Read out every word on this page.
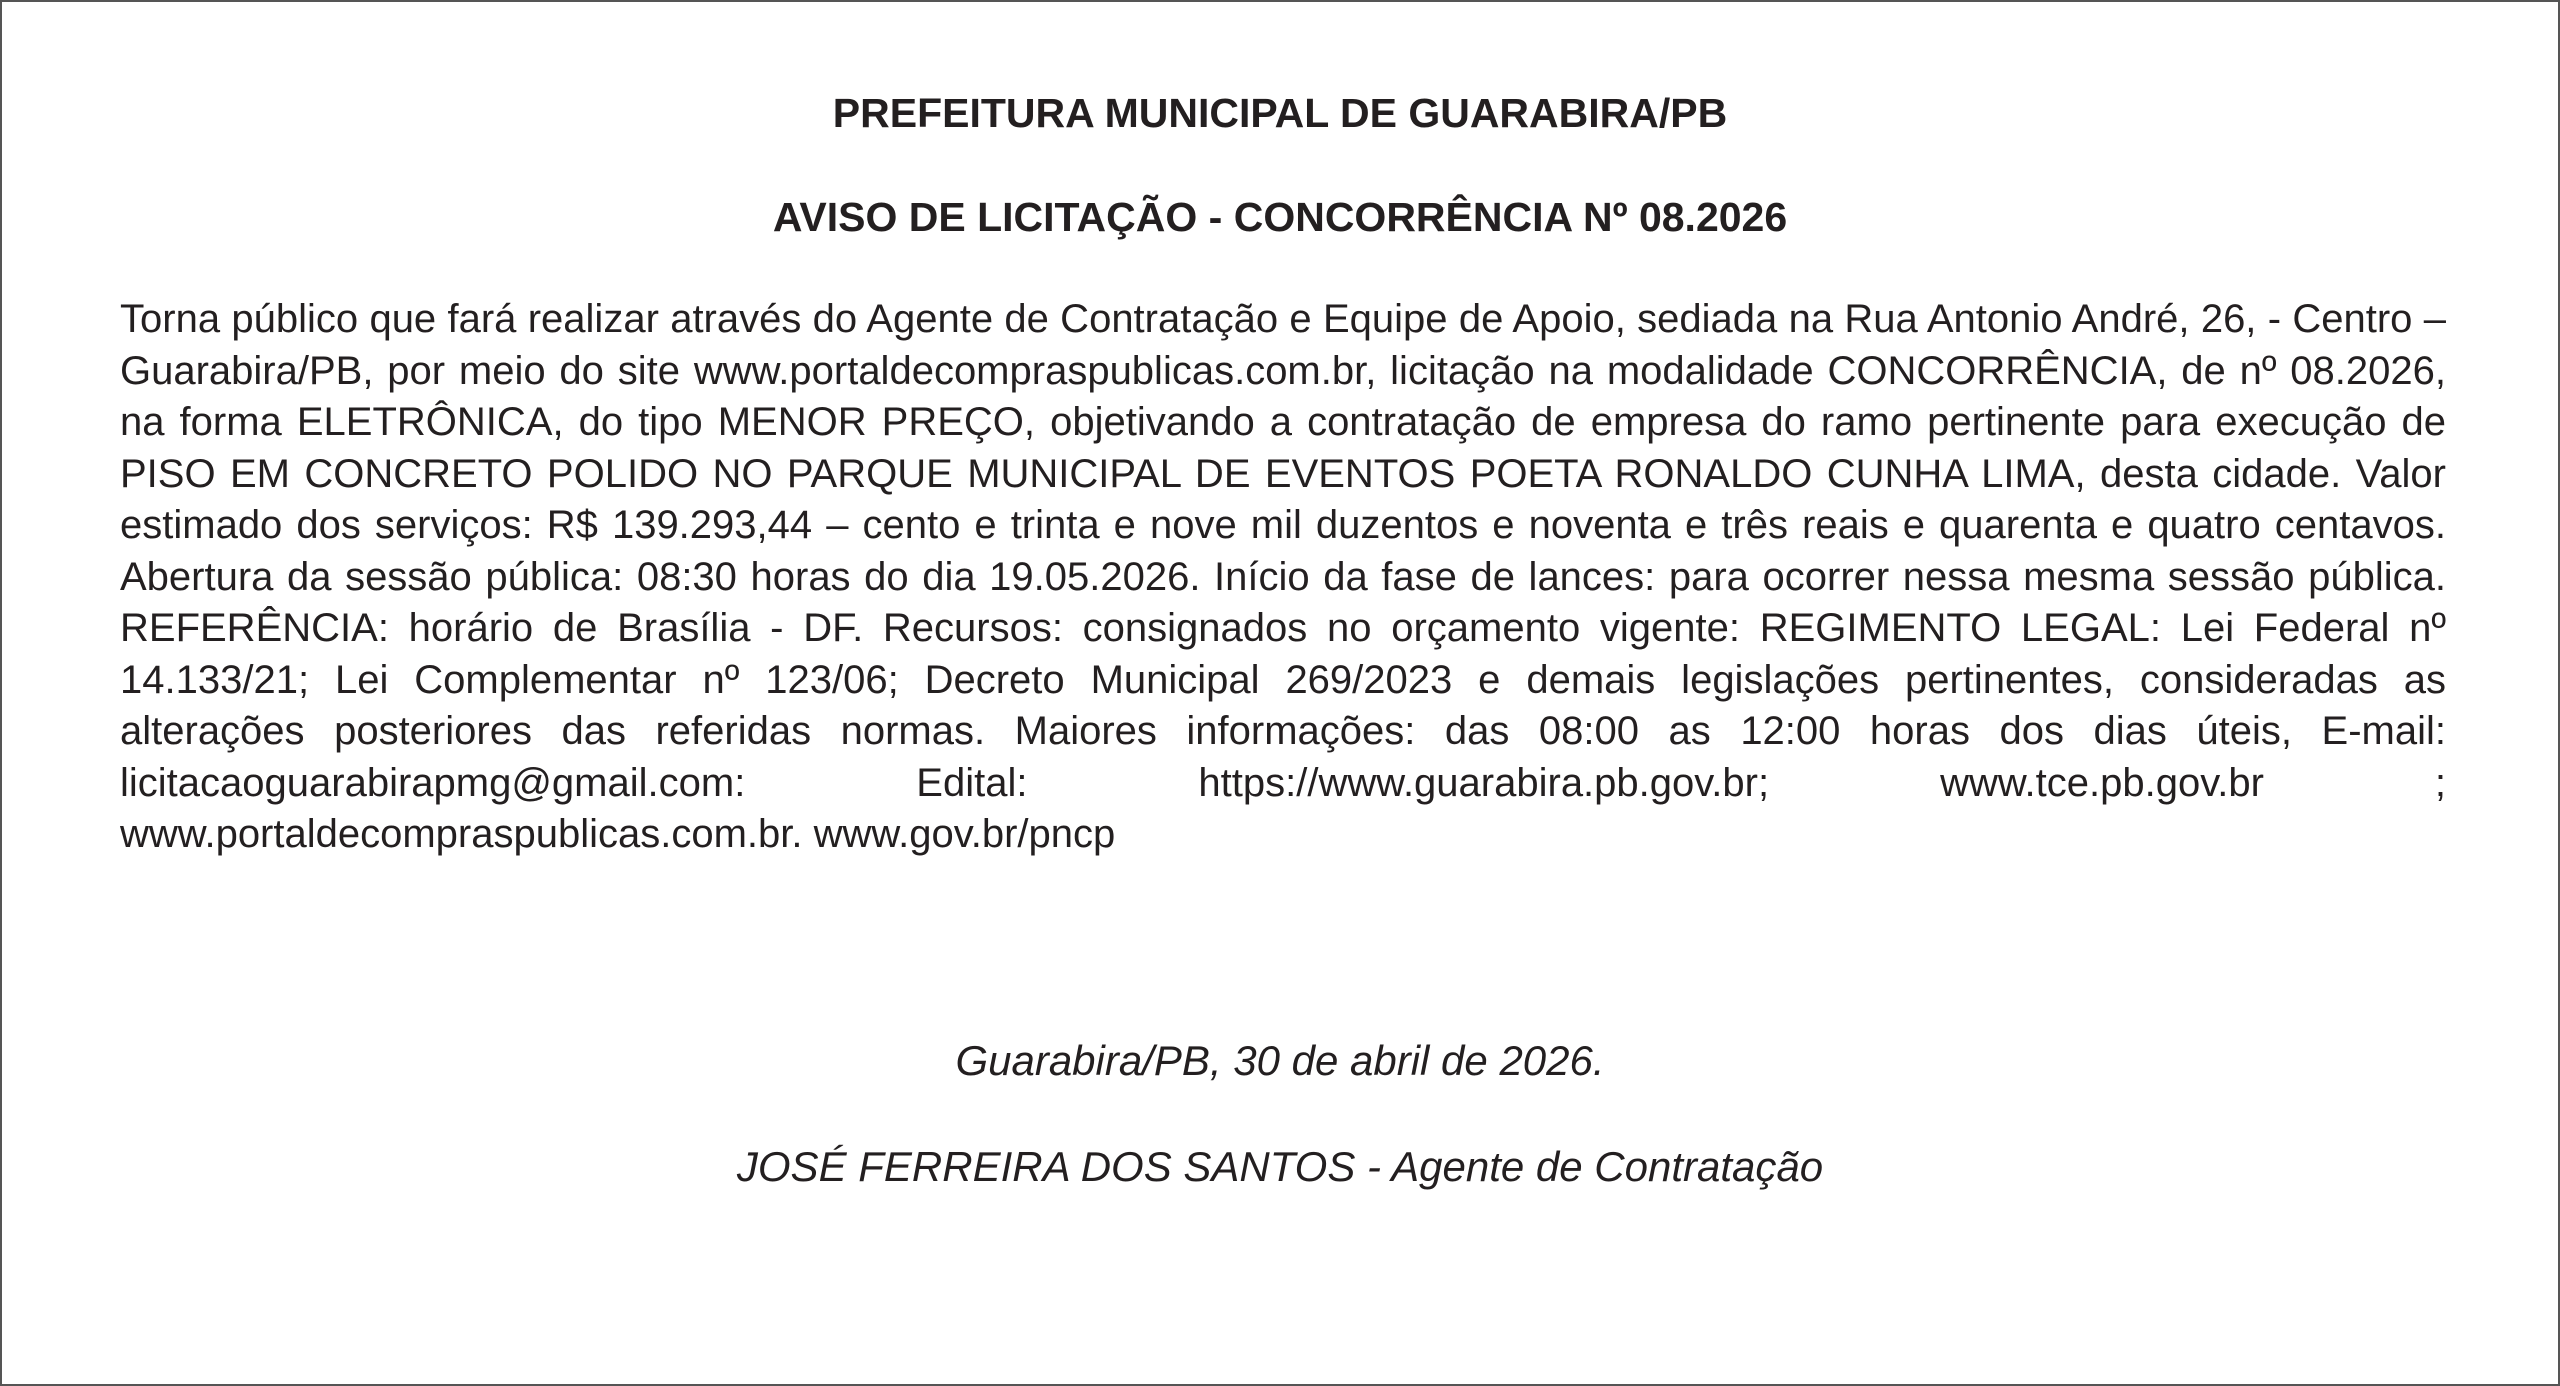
PREFEITURA MUNICIPAL DE GUARABIRA/PB
AVISO DE LICITAÇÃO - CONCORRÊNCIA Nº 08.2026

Torna público que fará realizar através do Agente de Contratação e Equipe de Apoio, sediada na Rua Antonio André, 26, - Centro – Guarabira/PB, por meio do site www.portaldecompraspublicas.com.br, licitação na modalidade CONCORRÊNCIA, de nº 08.2026, na forma ELETRÔNICA, do tipo MENOR PREÇO, objetivando a contratação de empresa do ramo pertinente para execução de PISO EM CONCRETO POLIDO NO PARQUE MUNICIPAL DE EVENTOS POETA RONALDO CUNHA LIMA, desta cidade. Valor estimado dos serviços: R$ 139.293,44 – cento e trinta e nove mil duzentos e noventa e três reais e quarenta e quatro centavos. Abertura da sessão pública: 08:30 horas do dia 19.05.2026. Início da fase de lances: para ocorrer nessa mesma sessão pública. REFERÊNCIA: horário de Brasília - DF. Recursos: consignados no orçamento vigente: REGIMENTO LEGAL: Lei Federal nº 14.133/21; Lei Complementar nº 123/06; Decreto Municipal 269/2023 e demais legislações pertinentes, consideradas as alterações posteriores das referidas normas. Maiores informações: das 08:00 as 12:00 horas dos dias úteis, E-mail: licitacaoguarabirapmg@gmail.com: Edital: https://www.guarabira.pb.gov.br; www.tce.pb.gov.br ; www.portaldecompraspublicas.com.br. www.gov.br/pncp

Guarabira/PB, 30 de abril de 2026.

JOSÉ FERREIRA DOS SANTOS - Agente de Contratação
